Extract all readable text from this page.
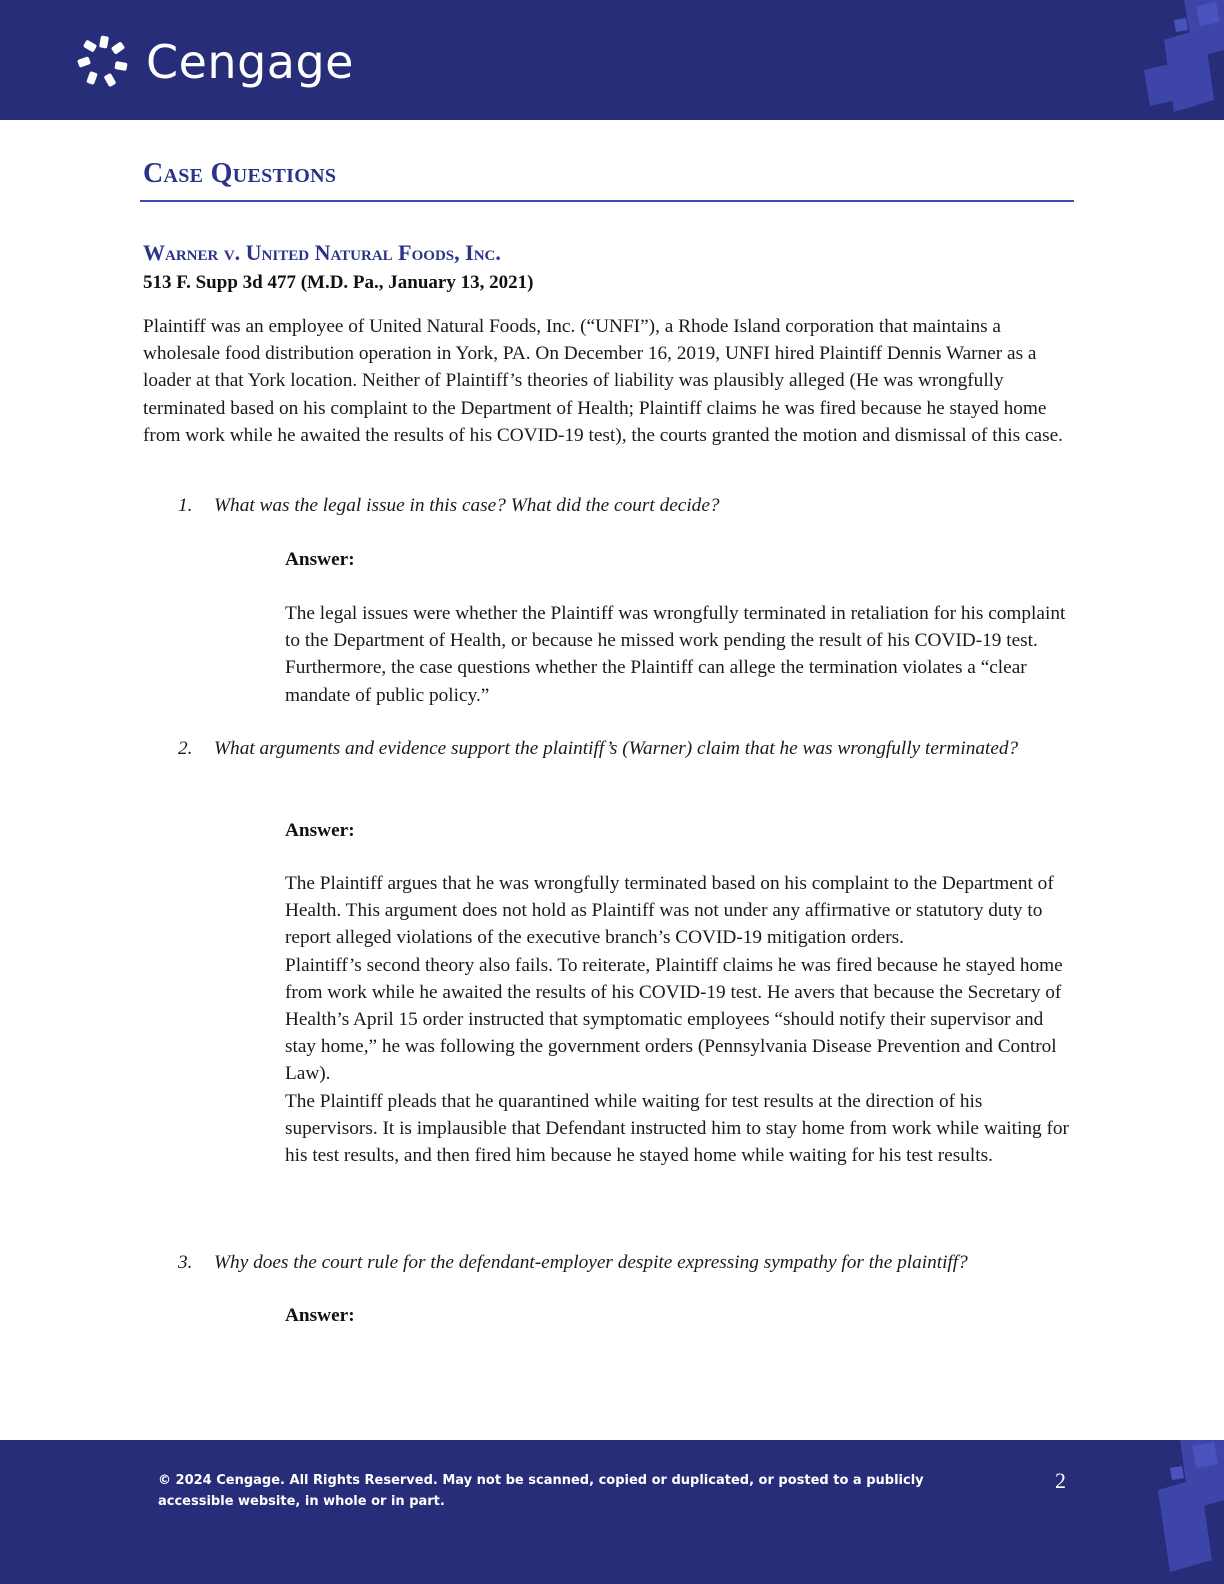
Cengage
Case Questions
Warner v. United Natural Foods, Inc.
513 F. Supp 3d 477 (M.D. Pa., January 13, 2021)

Plaintiff was an employee of United Natural Foods, Inc. (“UNFI”), a Rhode Island corporation that maintains a wholesale food distribution operation in York, PA. On December 16, 2019, UNFI hired Plaintiff Dennis Warner as a loader at that York location. Neither of Plaintiff’s theories of liability was plausibly alleged (He was wrongfully terminated based on his complaint to the Department of Health; Plaintiff claims he was fired because he stayed home from work while he awaited the results of his COVID-19 test), the courts granted the motion and dismissal of this case.

1. What was the legal issue in this case? What did the court decide?
Answer:

The legal issues were whether the Plaintiff was wrongfully terminated in retaliation for his complaint to the Department of Health, or because he missed work pending the result of his COVID-19 test. Furthermore, the case questions whether the Plaintiff can allege the termination violates a “clear mandate of public policy.”

2. What arguments and evidence support the plaintiff’s (Warner) claim that he was wrongfully terminated?
Answer:

The Plaintiff argues that he was wrongfully terminated based on his complaint to the Department of Health. This argument does not hold as Plaintiff was not under any affirmative or statutory duty to report alleged violations of the executive branch’s COVID-19 mitigation orders.

Plaintiff’s second theory also fails. To reiterate, Plaintiff claims he was fired because he stayed home from work while he awaited the results of his COVID-19 test. He avers that because the Secretary of Health’s April 15 order instructed that symptomatic employees “should notify their supervisor and stay home,” he was following the government orders (Pennsylvania Disease Prevention and Control Law).

The Plaintiff pleads that he quarantined while waiting for test results at the direction of his supervisors. It is implausible that Defendant instructed him to stay home from work while waiting for his test results, and then fired him because he stayed home while waiting for his test results.

3. Why does the court rule for the defendant-employer despite expressing sympathy for the plaintiff?
Answer:
© 2024 Cengage. All Rights Reserved. May not be scanned, copied or duplicated, or posted to a publicly accessible website, in whole or in part.
2
